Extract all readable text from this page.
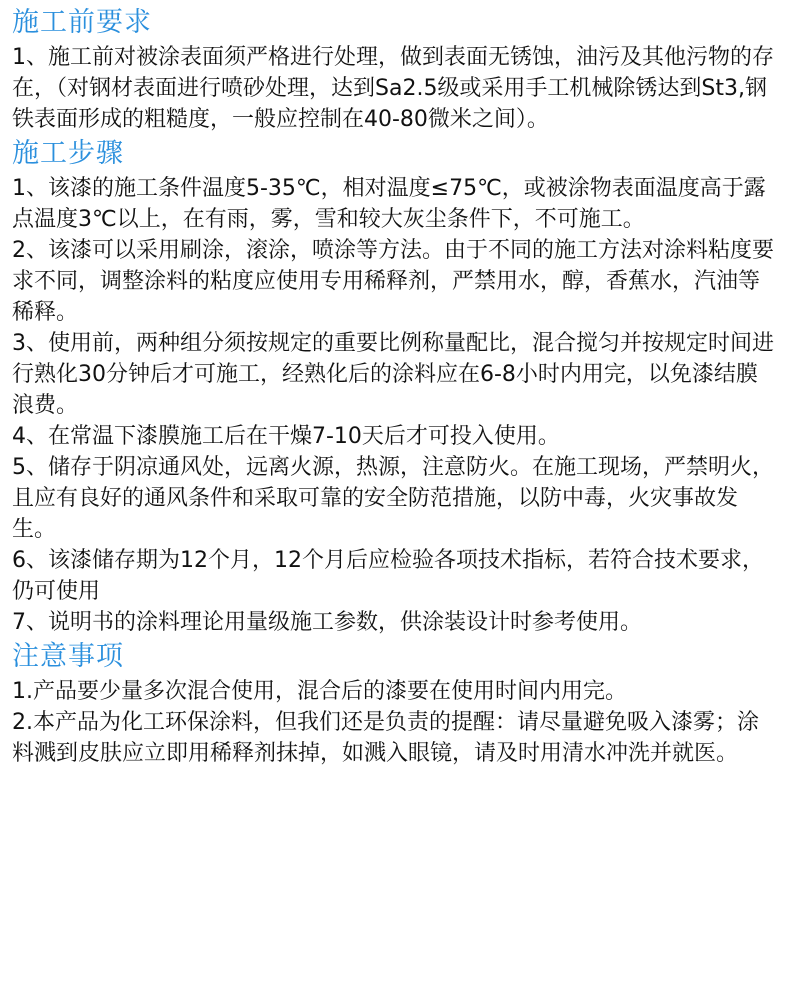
施工前要求

1、施工前对被涂表面须严格进行处理，做到表面无锈蚀，油污及其他污物的存在，（对钢材表面进行喷砂处理，达到Sa2.5级或采用手工机械除锈达到St3,钢铁表面形成的粗糙度，一般应控制在40-80微米之间）。

施工步骤

1、该漆的施工条件温度5-35℃，相对温度≤75℃，或被涂物表面温度高于露点温度3℃以上，在有雨，雾，雪和较大灰尘条件下，不可施工。

2、该漆可以采用刷涂，滚涂，喷涂等方法。由于不同的施工方法对涂料粘度要求不同，调整涂料的粘度应使用专用稀释剂，严禁用水，醇，香蕉水，汽油等稀释。

3、使用前，两种组分须按规定的重要比例称量配比，混合搅匀并按规定时间进行熟化30分钟后才可施工，经熟化后的涂料应在6-8小时内用完，以免漆结膜浪费。

4、在常温下漆膜施工后在干燥7-10天后才可投入使用。

5、储存于阴凉通风处，远离火源，热源，注意防火。在施工现场，严禁明火，且应有良好的通风条件和采取可靠的安全防范措施，以防中毒，火灾事故发生。

6、该漆储存期为12个月，12个月后应检验各项技术指标，若符合技术要求，仍可使用

7、说明书的涂料理论用量级施工参数，供涂装设计时参考使用。

注意事项

1.产品要少量多次混合使用，混合后的漆要在使用时间内用完。

2.本产品为化工环保涂料，但我们还是负责的提醒：请尽量避免吸入漆雾；涂料溅到皮肤应立即用稀释剂抹掉，如溅入眼镜，请及时用清水冲洗并就医。
